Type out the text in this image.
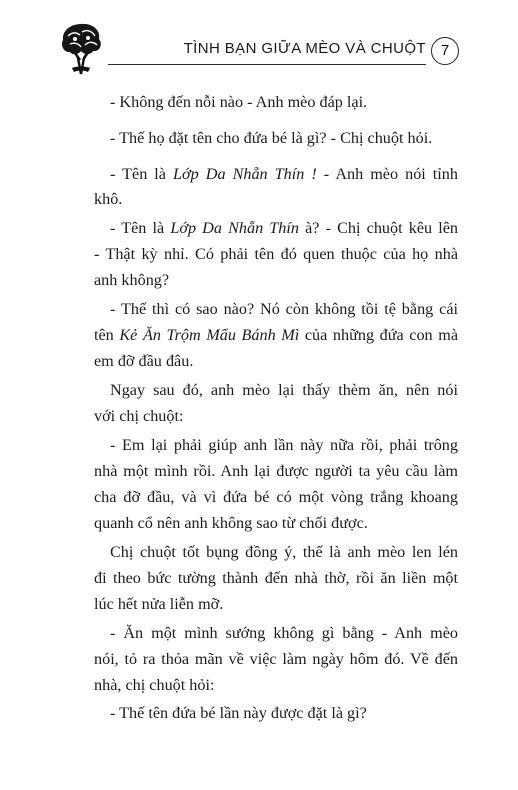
TÌNH BẠN GIỮA MÈO VÀ CHUỘT 7
- Không đến nỗi nào - Anh mèo đáp lại.
- Thế họ đặt tên cho đứa bé là gì? - Chị chuột hỏi.
- Tên là Lớp Da Nhẵn Thín ! - Anh mèo nói tỉnh
khô.
- Tên là Lớp Da Nhẵn Thín à? - Chị chuột kêu lên
- Thật kỳ nhỉ. Có phải tên đó quen thuộc của họ nhà
anh không?
- Thế thì có sao nào? Nó còn không tồi tệ bằng cái
tên Kẻ Ăn Trộm Mẩu Bánh Mì của những đứa con mà
em đỡ đầu đâu.
Ngay sau đó, anh mèo lại thấy thèm ăn, nên nói
với chị chuột:
- Em lại phải giúp anh lần này nữa rồi, phải trông
nhà một mình rồi. Anh lại được người ta yêu cầu làm
cha đỡ đầu, và vì đứa bé có một vòng trắng khoang
quanh cổ nên anh không sao từ chối được.
Chị chuột tốt bụng đồng ý, thế là anh mèo len lén
đi theo bức tường thành đến nhà thờ, rồi ăn liền một
lúc hết nửa liễn mỡ.
- Ăn một mình sướng không gì bằng - Anh mèo
nói, tỏ ra thỏa mãn về việc làm ngày hôm đó. Về đến
nhà, chị chuột hỏi:
- Thế tên đứa bé lần này được đặt là gì?
